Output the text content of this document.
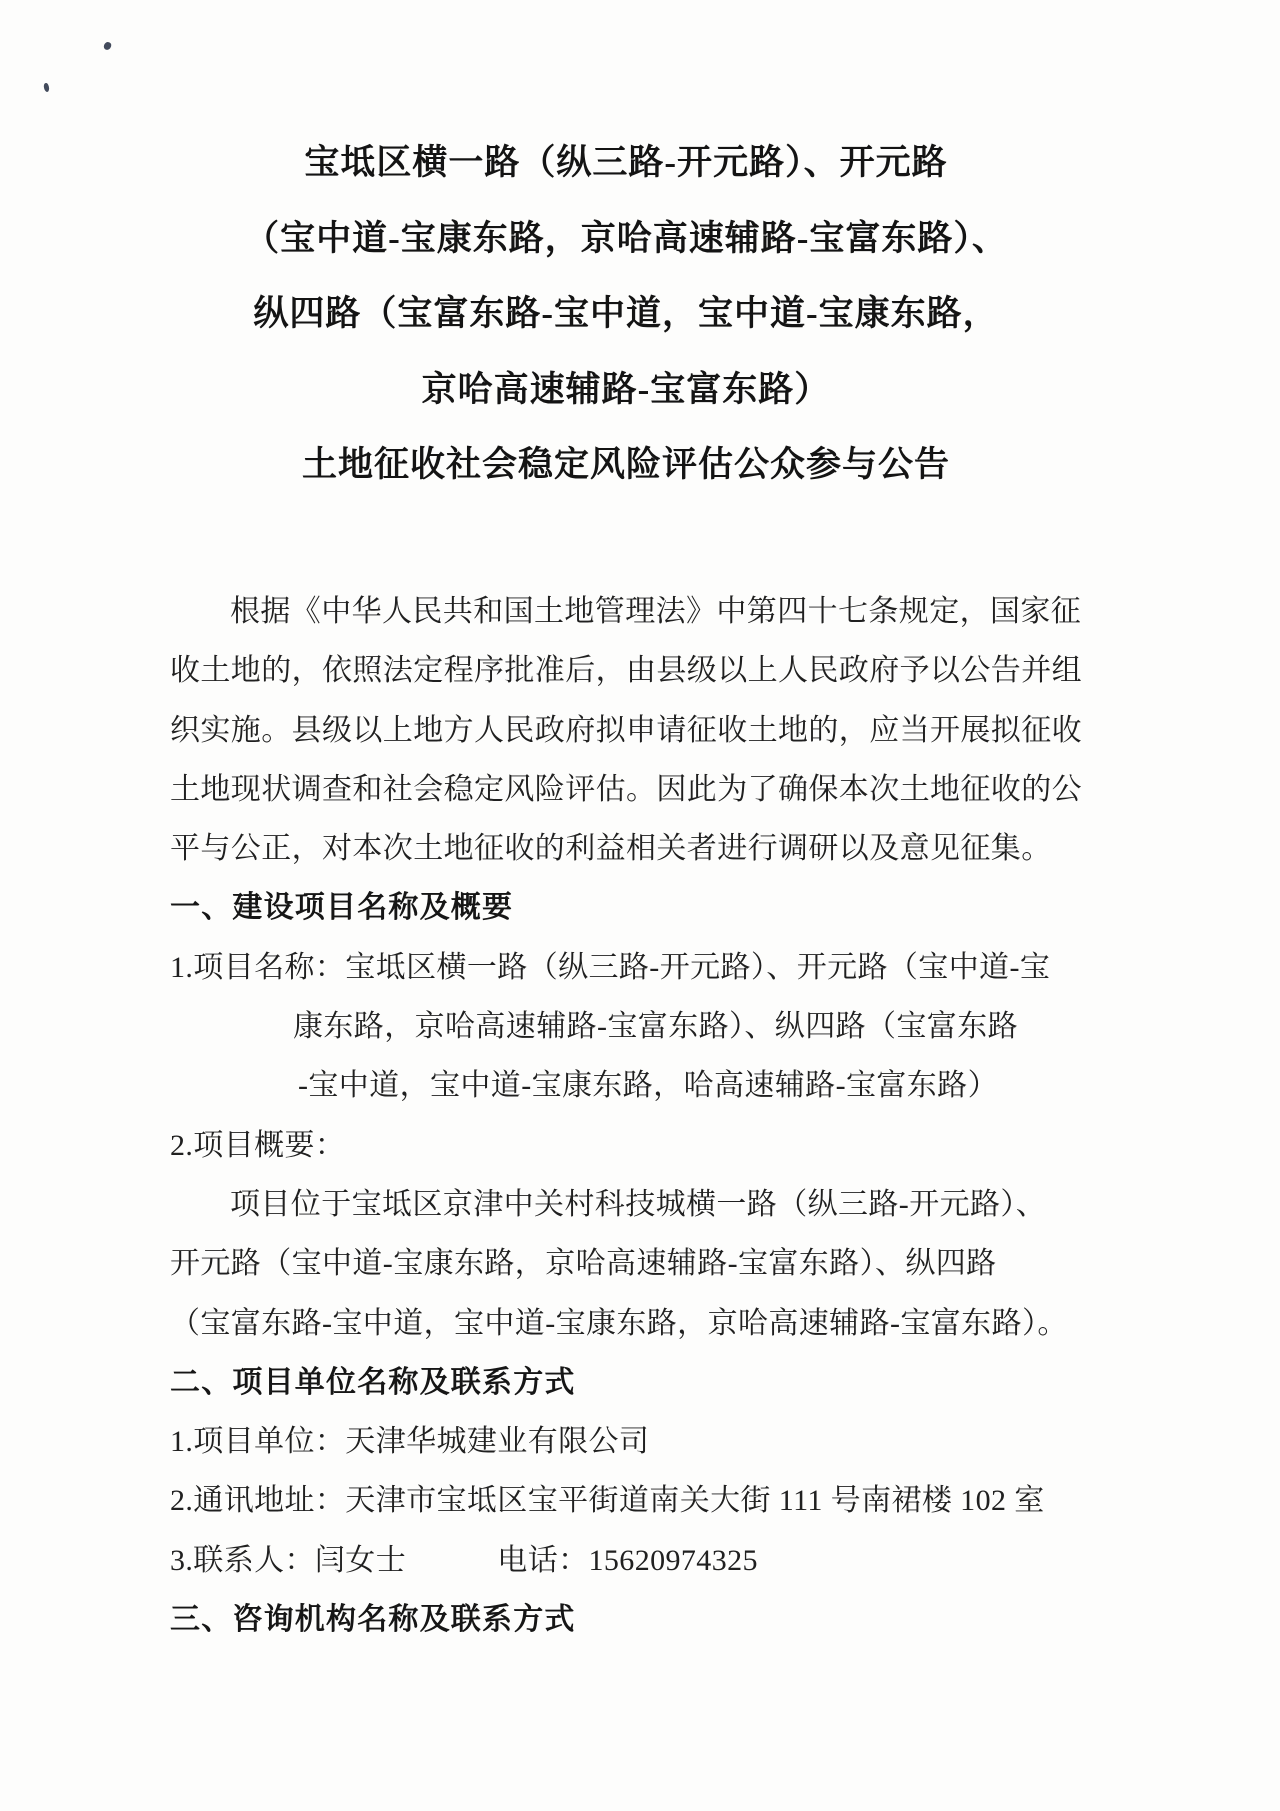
宝坻区横一路（纵三路-开元路）、开元路
（宝中道-宝康东路，京哈高速辅路-宝富东路）、
纵四路（宝富东路-宝中道，宝中道-宝康东路，
京哈高速辅路-宝富东路）
土地征收社会稳定风险评估公众参与公告
根据《中华人民共和国土地管理法》中第四十七条规定，国家征
收土地的，依照法定程序批准后，由县级以上人民政府予以公告并组
织实施。县级以上地方人民政府拟申请征收土地的，应当开展拟征收
土地现状调查和社会稳定风险评估。因此为了确保本次土地征收的公
平与公正，对本次土地征收的利益相关者进行调研以及意见征集。
一、建设项目名称及概要
1.项目名称：宝坻区横一路（纵三路-开元路）、开元路（宝中道-宝
康东路，京哈高速辅路-宝富东路）、纵四路（宝富东路
-宝中道，宝中道-宝康东路，哈高速辅路-宝富东路）
2.项目概要：
项目位于宝坻区京津中关村科技城横一路（纵三路-开元路）、
开元路（宝中道-宝康东路，京哈高速辅路-宝富东路）、纵四路
（宝富东路-宝中道，宝中道-宝康东路，京哈高速辅路-宝富东路）。
二、项目单位名称及联系方式
1.项目单位：天津华城建业有限公司
2.通讯地址：天津市宝坻区宝平街道南关大街 111 号南裙楼 102 室
3.联系人：闫女士　　　电话：15620974325
三、咨询机构名称及联系方式
